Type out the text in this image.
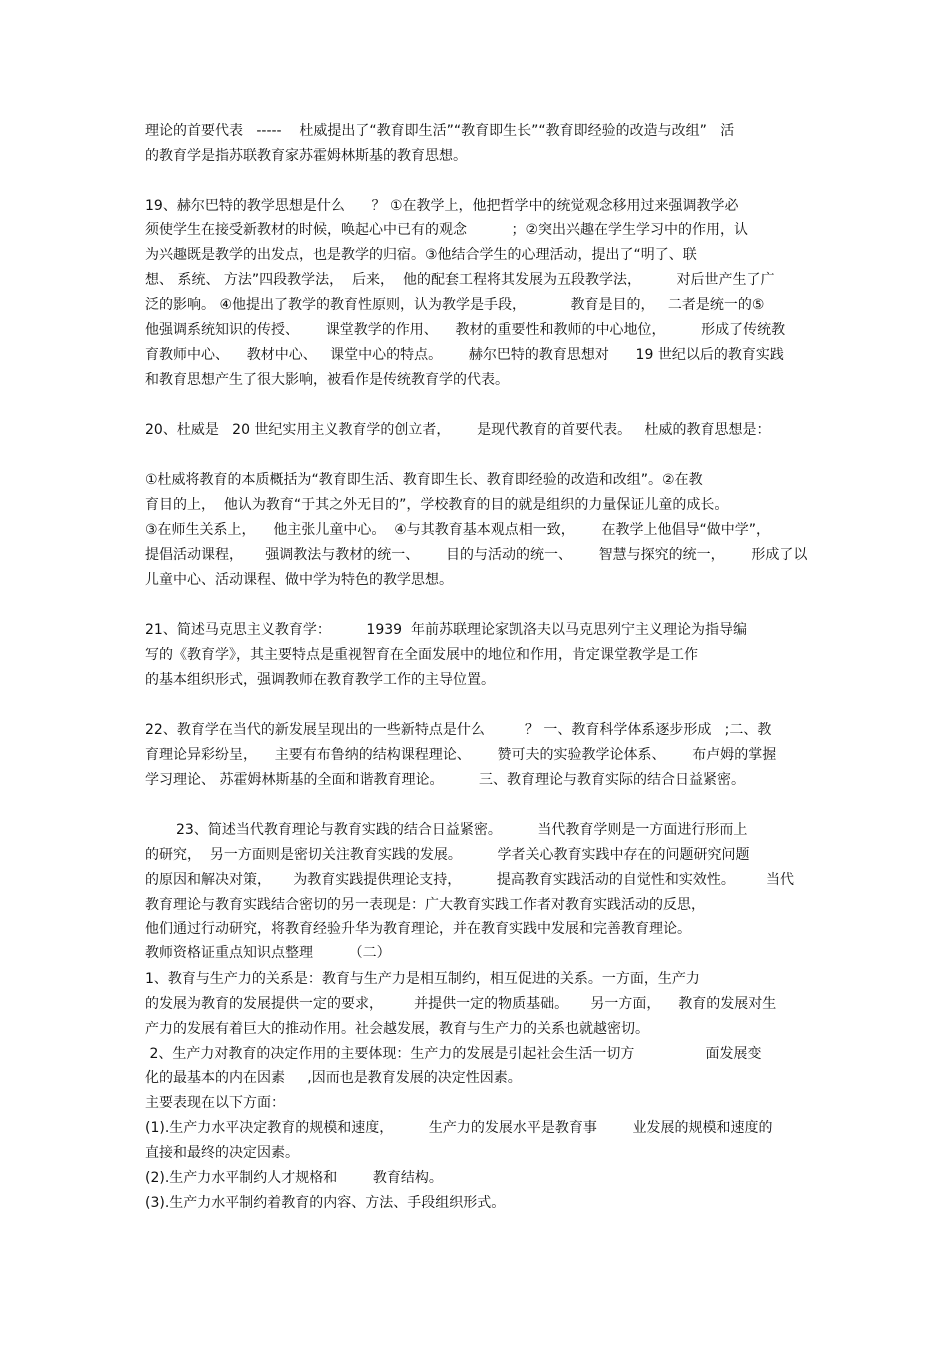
理论的首要代表   -----    杜威提出了“教育即生活”“教育即生长”“教育即经验的改造与改组”   活

的教育学是指苏联教育家苏霍姆林斯基的教育思想。

19、赫尔巴特的教学思想是什么      ？ ①在教学上，他把哲学中的统觉观念移用过来强调教学必

须使学生在接受新教材的时候，唤起心中已有的观念          ；②突出兴趣在学生学习中的作用，认

为兴趣既是教学的出发点，也是教学的归宿。③他结合学生的心理活动，提出了“明了、联

想、 系统、 方法”四段教学法，  后来，  他的配套工程将其发展为五段教学法，        对后世产生了广

泛的影响。 ④他提出了教学的教育性原则，认为教学是手段，          教育是目的，   二者是统一的⑤

他强调系统知识的传授、      课堂教学的作用、    教材的重要性和教师的中心地位，        形成了传统教

育教师中心、    教材中心、   课堂中心的特点。      赫尔巴特的教育思想对      19 世纪以后的教育实践

和教育思想产生了很大影响，被看作是传统教育学的代表。

20、杜威是   20 世纪实用主义教育学的创立者，      是现代教育的首要代表。   杜威的教育思想是：

①杜威将教育的本质概括为“教育即生活、教育即生长、教育即经验的改造和改组”。②在教

育目的上，  他认为教育“于其之外无目的”，学校教育的目的就是组织的力量保证儿童的成长。

③在师生关系上，    他主张儿童中心。  ④与其教育基本观点相一致，      在教学上他倡导“做中学”，

提倡活动课程，     强调教法与教材的统一、      目的与活动的统一、      智慧与探究的统一，      形成了以

儿童中心、活动课程、做中学为特色的教学思想。

21、简述马克思主义教育学：        1939  年前苏联理论家凯洛夫以马克思列宁主义理论为指导编

写的《教育学》，其主要特点是重视智育在全面发展中的地位和作用，肯定课堂教学是工作

的基本组织形式，强调教师在教育教学工作的主导位置。

22、教育学在当代的新发展呈现出的一些新特点是什么         ？ 一、教育科学体系逐步形成   ;二、教

育理论异彩纷呈，    主要有布鲁纳的结构课程理论、      赞可夫的实验教学论体系、      布卢姆的掌握

学习理论、 苏霍姆林斯基的全面和谐教育理论。        三、教育理论与教育实际的结合日益紧密。

23、简述当代教育理论与教育实践的结合日益紧密。        当代教育学则是一方面进行形而上

的研究，  另一方面则是密切关注教育实践的发展。        学者关心教育实践中存在的问题研究问题

的原因和解决对策，     为教育实践提供理论支持，        提高教育实践活动的自觉性和实效性。       当代

教育理论与教育实践结合密切的另一表现是：广大教育实践工作者对教育实践活动的反思，

他们通过行动研究，将教育经验升华为教育理论，并在教育实践中发展和完善教育理论。

教师资格证重点知识点整理        （二）

1、教育与生产力的关系是：教育与生产力是相互制约，相互促进的关系。一方面，生产力

的发展为教育的发展提供一定的要求，       并提供一定的物质基础。     另一方面，    教育的发展对生

产力的发展有着巨大的推动作用。社会越发展，教育与生产力的关系也就越密切。

2、生产力对教育的决定作用的主要体现：生产力的发展是引起社会生活一切方                面发展变

化的最基本的内在因素     ,因而也是教育发展的决定性因素。

主要表现在以下方面：

(1).生产力水平决定教育的规模和速度，        生产力的发展水平是教育事        业发展的规模和速度的

直接和最终的决定因素。

(2).生产力水平制约人才规格和        教育结构。

(3).生产力水平制约着教育的内容、方法、手段组织形式。
